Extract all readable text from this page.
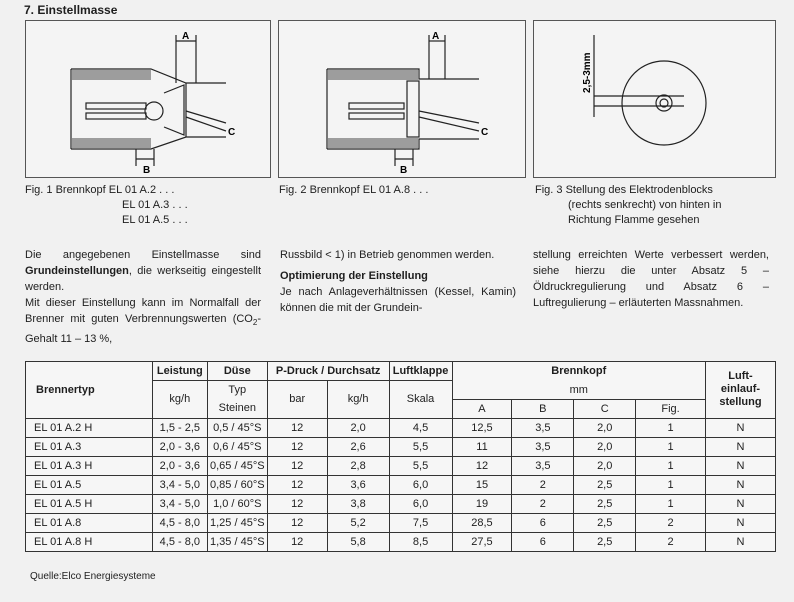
7. Einstellmasse
A
B
C
Fig. 1 Brennkopf EL 01 A.2 . . .
EL 01 A.3 . . .
EL 01 A.5 . . .
A
B
C
Fig. 2 Brennkopf EL 01 A.8 . . .
2,5-3mm
Fig. 3 Stellung des Elektrodenblocks
(rechts senkrecht) von hinten in
Richtung Flamme gesehen

Die angegebenen Einstellmasse sind Grundeinstellungen, die werkseitig eingestellt werden.

Mit dieser Einstellung kann im Normalfall der Brenner mit guten Verbrennungswerten ($CO_2$-Gehalt 11 – 13 %,

Russbild < 1) in Betrieb genommen werden.

Optimierung der Einstellung

Je nach Anlageverhältnissen (Kessel, Kamin) können die mit der Grundein-

stellung erreichten Werte verbessert werden, siehe hierzu die unter Absatz 5 – Öldruckregulierung und Absatz 6 – Luftregulierung – erläuterten Massnahmen.

Brennertyp	Leistung	Düse	P-Druck / Durchsatz		Luftklappe	Brennkopf				Luft-
einlauf-
stellung

	kg/h	Typ	bar	kg/h	Skala	mm				
		Steinen				A	B	C	Fig.	
EL 01 A.2 H	1,5 - 2,5	0,5 / 45°S	12	2,0	4,5	12,5	3,5	2,0	1	N
EL 01 A.3	2,0 - 3,6	0,6 / 45°S	12	2,6	5,5	11	3,5	2,0	1	N
EL 01 A.3 H	2,0 - 3,6	0,65 / 45°S	12	2,8	5,5	12	3,5	2,0	1	N
EL 01 A.5	3,4 - 5,0	0,85 / 60°S	12	3,6	6,0	15	2	2,5	1	N
EL 01 A.5 H	3,4 - 5,0	1,0 / 60°S	12	3,8	6,0	19	2	2,5	1	N
EL 01 A.8	4,5 - 8,0	1,25 / 45°S	12	5,2	7,5	28,5	6	2,5	2	N
EL 01 A.8 H	4,5 - 8,0	1,35 / 45°S	12	5,8	8,5	27,5	6	2,5	2	N
Quelle:Elco Energiesysteme
